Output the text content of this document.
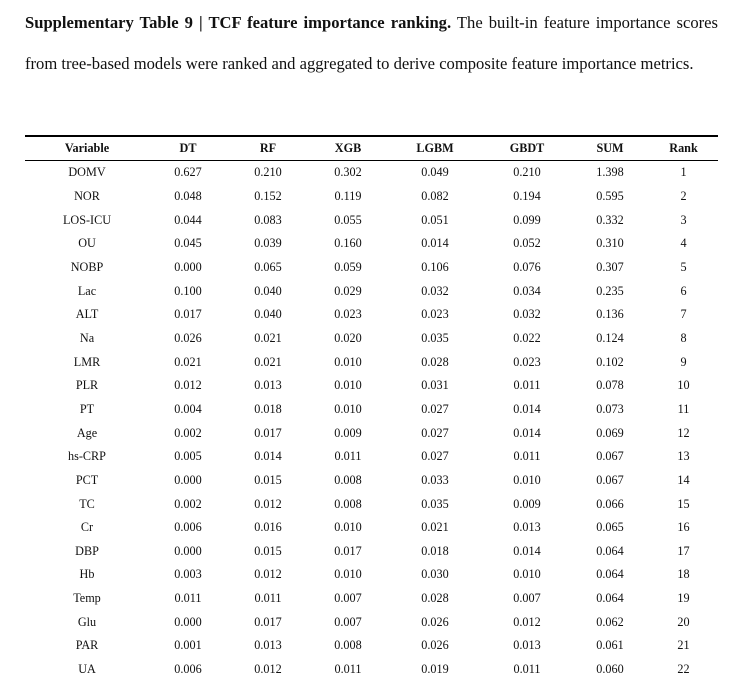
Supplementary Table 9 | TCF feature importance ranking. The built-in feature importance scores from tree-based models were ranked and aggregated to derive composite feature importance metrics.
Variable	DT	RF	XGB	LGBM	GBDT	SUM	Rank
DOMV	0.627	0.210	0.302	0.049	0.210	1.398	1
NOR	0.048	0.152	0.119	0.082	0.194	0.595	2
LOS-ICU	0.044	0.083	0.055	0.051	0.099	0.332	3
OU	0.045	0.039	0.160	0.014	0.052	0.310	4
NOBP	0.000	0.065	0.059	0.106	0.076	0.307	5
Lac	0.100	0.040	0.029	0.032	0.034	0.235	6
ALT	0.017	0.040	0.023	0.023	0.032	0.136	7
Na	0.026	0.021	0.020	0.035	0.022	0.124	8
LMR	0.021	0.021	0.010	0.028	0.023	0.102	9
PLR	0.012	0.013	0.010	0.031	0.011	0.078	10
PT	0.004	0.018	0.010	0.027	0.014	0.073	11
Age	0.002	0.017	0.009	0.027	0.014	0.069	12
hs-CRP	0.005	0.014	0.011	0.027	0.011	0.067	13
PCT	0.000	0.015	0.008	0.033	0.010	0.067	14
TC	0.002	0.012	0.008	0.035	0.009	0.066	15
Cr	0.006	0.016	0.010	0.021	0.013	0.065	16
DBP	0.000	0.015	0.017	0.018	0.014	0.064	17
Hb	0.003	0.012	0.010	0.030	0.010	0.064	18
Temp	0.011	0.011	0.007	0.028	0.007	0.064	19
Glu	0.000	0.017	0.007	0.026	0.012	0.062	20
PAR	0.001	0.013	0.008	0.026	0.013	0.061	21
UA	0.006	0.012	0.011	0.019	0.011	0.060	22
